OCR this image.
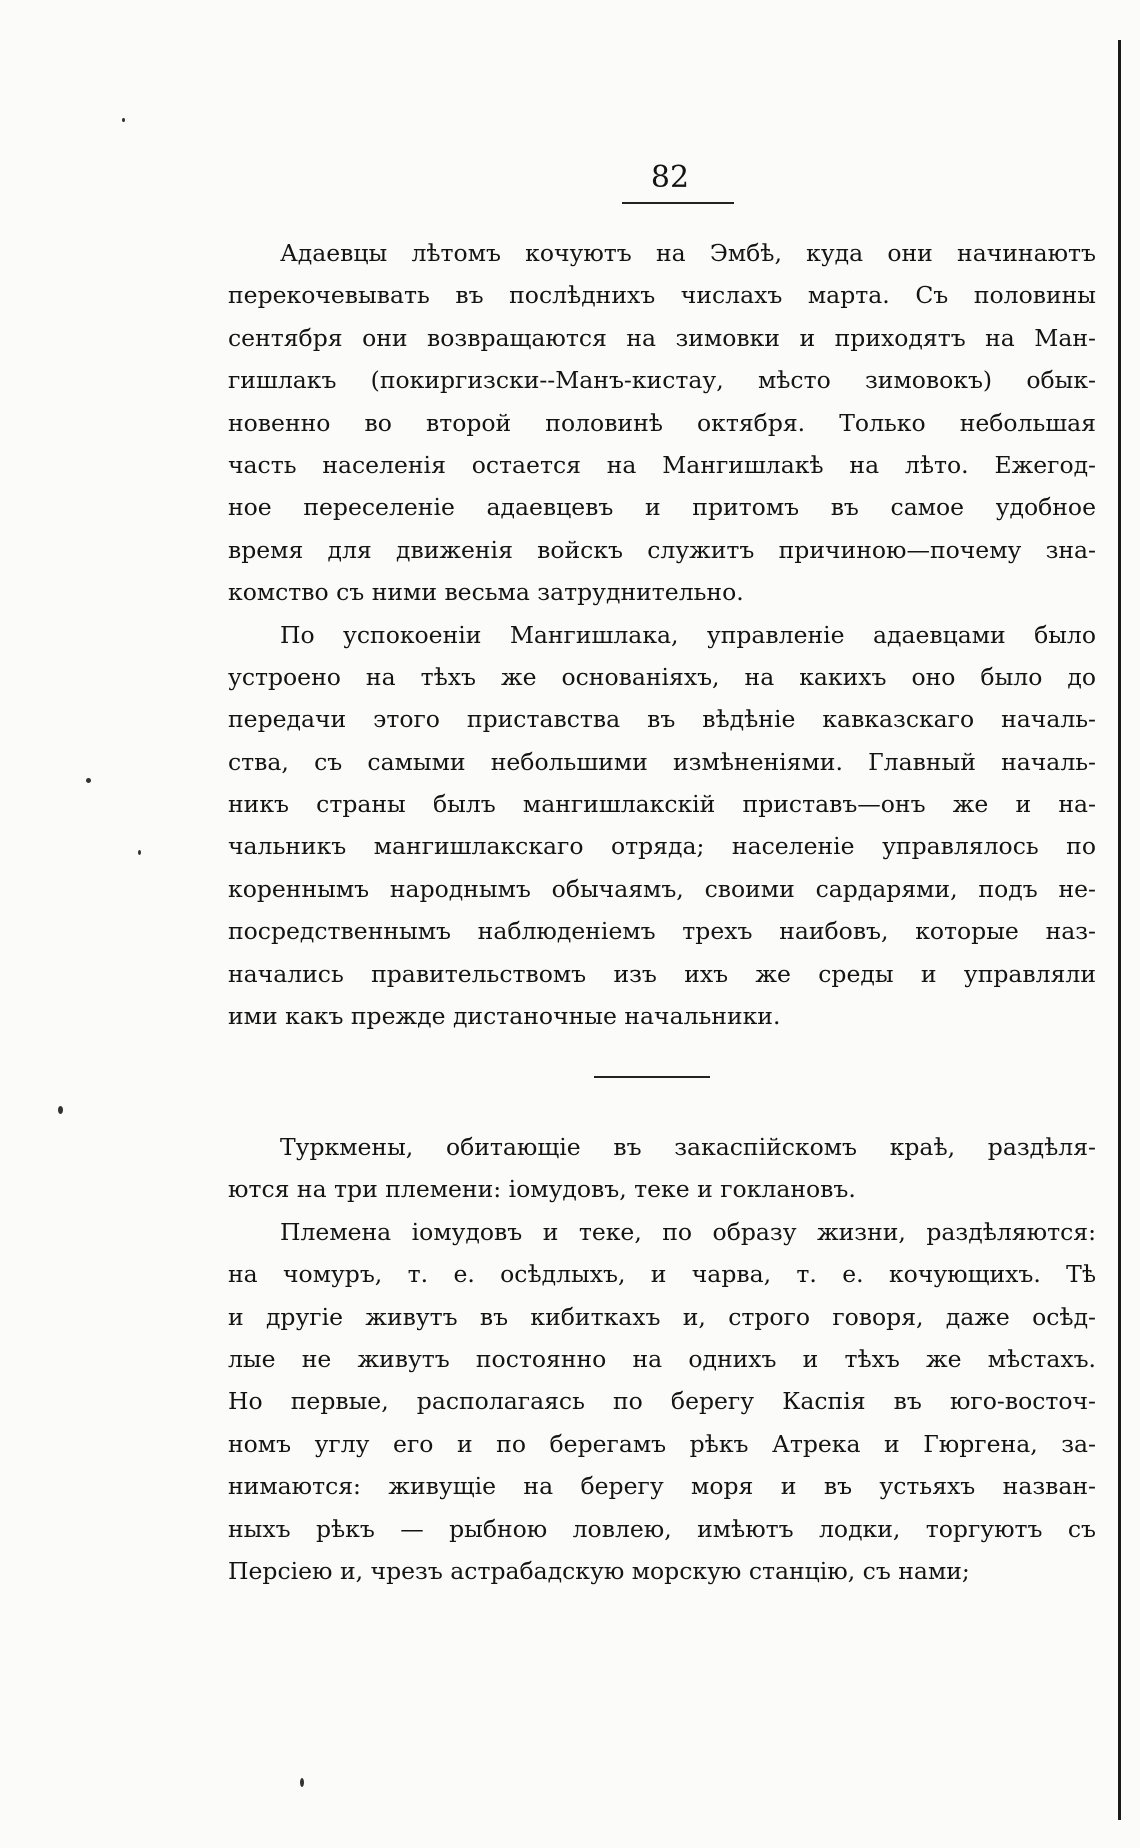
82
Адаевцы лѣтомъ кочуютъ на Эмбѣ, куда они начинаютъ
перекочевывать въ послѣднихъ числахъ марта. Съ половины
сентября они возвращаются на зимовки и приходятъ на Ман-
гишлакъ (покиргизски--Манъ-кистау, мѣсто зимовокъ) обык-
новенно во второй половинѣ октября. Только небольшая
часть населенія остается на Мангишлакѣ на лѣто. Ежегод-
ное переселеніе адаевцевъ и притомъ въ самое удобное
время для движенія войскъ служитъ причиною—почему зна-
комство съ ними весьма затруднительно.
По успокоеніи Мангишлака, управленіе адаевцами было
устроено на тѣхъ же основаніяхъ, на какихъ оно было до
передачи этого приставства въ вѣдѣніе кавказскаго началь-
ства, съ самыми небольшими измѣненіями. Главный началь-
никъ страны былъ мангишлакскій приставъ—онъ же и на-
чальникъ мангишлакскаго отряда; населеніе управлялось по
кореннымъ народнымъ обычаямъ, своими сардарями, подъ не-
посредственнымъ наблюденіемъ трехъ наибовъ, которые наз-
начались правительствомъ изъ ихъ же среды и управляли
ими какъ прежде дистаночные начальники.
Туркмены, обитающіе въ закаспійскомъ краѣ, раздѣля-
ются на три племени: іомудовъ, теке и гоклановъ.
Племена іомудовъ и теке, по образу жизни, раздѣляются:
на чомуръ, т. е. осѣдлыхъ, и чарва, т. е. кочующихъ. Тѣ
и другіе живутъ въ кибиткахъ и, строго говоря, даже осѣд-
лые не живутъ постоянно на однихъ и тѣхъ же мѣстахъ.
Но первые, располагаясь по берегу Каспія въ юго-восточ-
номъ углу его и по берегамъ рѣкъ Атрека и Гюргена, за-
нимаются: живущіе на берегу моря и въ устьяхъ назван-
ныхъ рѣкъ — рыбною ловлею, имѣютъ лодки, торгуютъ съ
Персіею и, чрезъ астрабадскую морскую станцію, съ нами;
